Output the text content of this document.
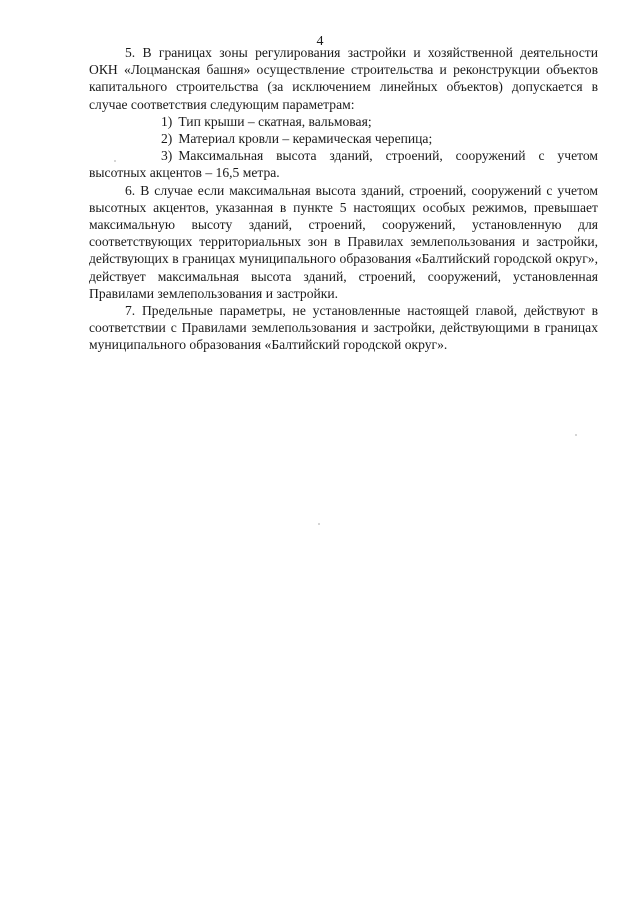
4

5. В границах зоны регулирования застройки и хозяйственной деятельности ОКН «Лоцманская башня» осуществление строительства и реконструкции объектов капитального строительства (за исключением линейных объектов) допускается в случае соответствия следующим параметрам:

1) Тип крыши – скатная, вальмовая;

2) Материал кровли – керамическая черепица;

3) Максимальная высота зданий, строений, сооружений с учетом высотных акцентов – 16,5 метра.

6. В случае если максимальная высота зданий, строений, сооружений с учетом высотных акцентов, указанная в пункте 5 настоящих особых режимов, превышает максимальную высоту зданий, строений, сооружений, установленную для соответствующих территориальных зон в Правилах землепользования и застройки, действующих в границах муниципального образования «Балтийский городской округ», действует максимальная высота зданий, строений, сооружений, установленная Правилами землепользования и застройки.

7. Предельные параметры, не установленные настоящей главой, действуют в соответствии с Правилами землепользования и застройки, действующими в границах муниципального образования «Балтийский городской округ».
